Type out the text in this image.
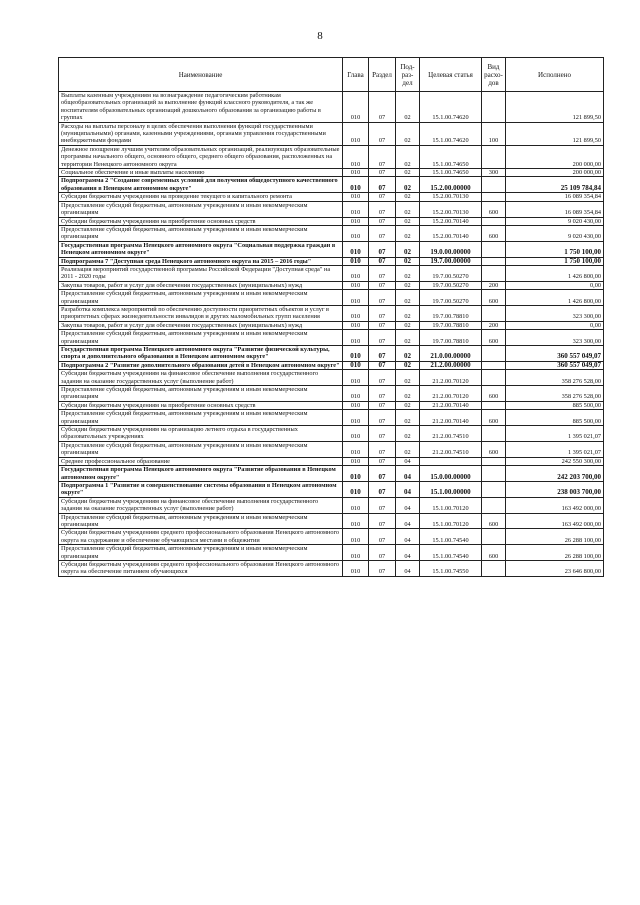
8
Наименование	Глава	Раздел	Под- раз- дел	Целевая статья	Вид расхо- дов	Исполнено
Выплаты казенным учреждениям на вознаграждение педагогическим работникам общеобразовательных организаций за выполнение функций классного руководителя, а так же воспитателям образовательных организаций дошкольного образования за организацию работы в группах	010	07	02	15.1.00.74620		121 899,50
Расходы на выплаты персоналу в целях обеспечения выполнения функций государственными (муниципальными) органами, казенными учреждениями, органами управления государственными внебюджетными фондами	010	07	02	15.1.00.74620	100	121 899,50
Денежное поощрение лучшим учителям образовательных организаций, реализующих образовательные программы начального общего, основного общего, среднего общего образования, расположенных на территории Ненецкого автономного округа	010	07	02	15.1.00.74650		200 000,00
Социальное обеспечение и иные выплаты населению	010	07	02	15.1.00.74650	300	200 000,00
Подпрограмма 2 "Создание современных условий для получения общедоступного качественного образования в Ненецком автономном округе"	010	07	02	15.2.00.00000		25 109 784,84
Субсидии бюджетным учреждениям на проведение текущего и капитального ремонта	010	07	02	15.2.00.70130		16 089 354,84
Предоставление субсидий бюджетным, автономным учреждениям и иным некоммерческим организациям	010	07	02	15.2.00.70130	600	16 089 354,84
Субсидии бюджетным учреждениям на приобретение основных средств	010	07	02	15.2.00.70140		9 020 430,00
Предоставление субсидий бюджетным, автономным учреждениям и иным некоммерческим организациям	010	07	02	15.2.00.70140	600	9 020 430,00
Государственная программа Ненецкого автономного округа "Социальная поддержка граждан в Ненецком автономном округе"	010	07	02	19.0.00.00000		1 750 100,00
Подпрограмма 7 "Доступная среда Ненецкого автономного округа на 2015 – 2016 годы"	010	07	02	19.7.00.00000		1 750 100,00
Реализация мероприятий государственной программы Российской Федерации "Доступная среда" на 2011 - 2020 годы	010	07	02	19.7.00.50270		1 426 800,00
Закупка товаров, работ и услуг для обеспечения государственных (муниципальных) нужд	010	07	02	19.7.00.50270	200	0,00
Предоставление субсидий бюджетным, автономным учреждениям и иным некоммерческим организациям	010	07	02	19.7.00.50270	600	1 426 800,00
Разработка комплекса мероприятий по обеспечению доступности приоритетных объектов и услуг в приоритетных сферах жизнедеятельности инвалидов и других маломобильных групп населения	010	07	02	19.7.00.78810		323 300,00
Закупка товаров, работ и услуг для обеспечения государственных (муниципальных) нужд	010	07	02	19.7.00.78810	200	0,00
Предоставление субсидий бюджетным, автономным учреждениям и иным некоммерческим организациям	010	07	02	19.7.00.78810	600	323 300,00
Государственная программа Ненецкого автономного округа "Развитие физической культуры, спорта и дополнительного образования в Ненецком автономном округе"	010	07	02	21.0.00.00000		360 557 049,07
Подпрограмма 2 "Развитие дополнительного образования детей в Ненецком автономном округе"	010	07	02	21.2.00.00000		360 557 049,07
Субсидии бюджетным учреждениям на финансовое обеспечение выполнения государственного задания на оказание государственных услуг (выполнение работ)	010	07	02	21.2.00.70120		358 276 528,00
Предоставление субсидий бюджетным, автономным учреждениям и иным некоммерческим организациям	010	07	02	21.2.00.70120	600	358 276 528,00
Субсидии бюджетным учреждениям на приобретение основных средств	010	07	02	21.2.00.70140		885 500,00
Предоставление субсидий бюджетным, автономным учреждениям и иным некоммерческим организациям	010	07	02	21.2.00.70140	600	885 500,00
Субсидии бюджетным учреждениям на организацию летнего отдыха в государственных образовательных учреждениях	010	07	02	21.2.00.74510		1 395 021,07
Предоставление субсидий бюджетным, автономным учреждениям и иным некоммерческим организациям	010	07	02	21.2.00.74510	600	1 395 021,07
Среднее профессиональное образование	010	07	04			242 550 300,00
Государственная программа Ненецкого автономного округа "Развитие образования в Ненецком автономном округе"	010	07	04	15.0.00.00000		242 203 700,00
Подпрограмма 1 "Развитие и совершенствование системы образования в Ненецком автономном округе"	010	07	04	15.1.00.00000		238 003 700,00
Субсидии бюджетным учреждениям на финансовое обеспечение выполнения государственного задания на оказание государственных услуг (выполнение работ)	010	07	04	15.1.00.70120		163 492 000,00
Предоставление субсидий бюджетным, автономным учреждениям и иным некоммерческим организациям	010	07	04	15.1.00.70120	600	163 492 000,00
Субсидии бюджетным учреждениям среднего профессионального образования Ненецкого автономного округа на содержание и обеспечение обучающихся местами в общежитии	010	07	04	15.1.00.74540		26 288 100,00
Предоставление субсидий бюджетным, автономным учреждениям и иным некоммерческим организациям	010	07	04	15.1.00.74540	600	26 288 100,00
Субсидии бюджетным учреждениям среднего профессионального образования Ненецкого автономного округа на обеспечение питанием обучающихся	010	07	04	15.1.00.74550		23 646 800,00
